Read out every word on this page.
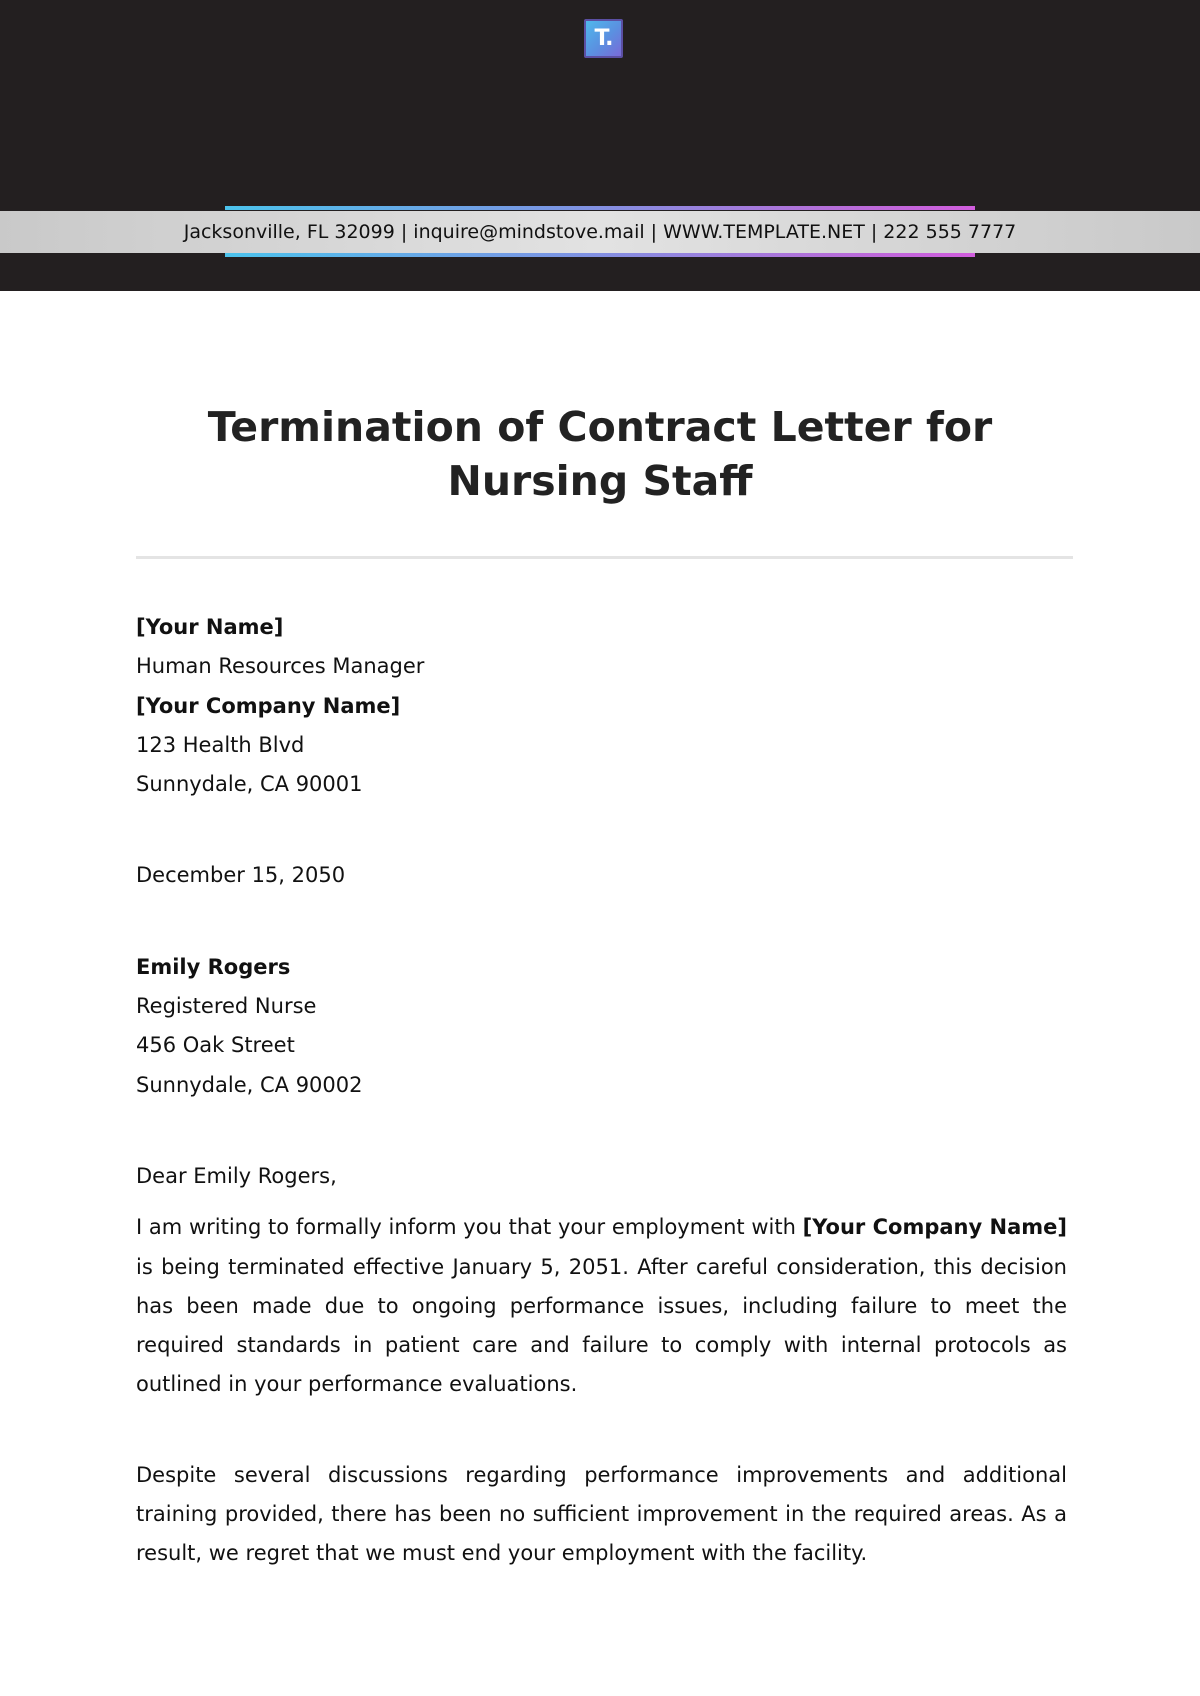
T.
Jacksonville, FL 32099 | inquire@mindstove.mail | WWW.TEMPLATE.NET | 222 555 7777
Termination of Contract Letter for Nursing Staff

[Your Name]

Human Resources Manager

[Your Company Name]

123 Health Blvd

Sunnydale, CA 90001

December 15, 2050

Emily Rogers

Registered Nurse

456 Oak Street

Sunnydale, CA 90002

Dear Emily Rogers,

I am writing to formally inform you that your employment with [Your Company Name] is being terminated effective January 5, 2051. After careful consideration, this decision has been made due to ongoing performance issues, including failure to meet the required standards in patient care and failure to comply with internal protocols as outlined in your performance evaluations.

Despite several discussions regarding performance improvements and additional training provided, there has been no sufficient improvement in the required areas. As a result, we regret that we must end your employment with the facility.
